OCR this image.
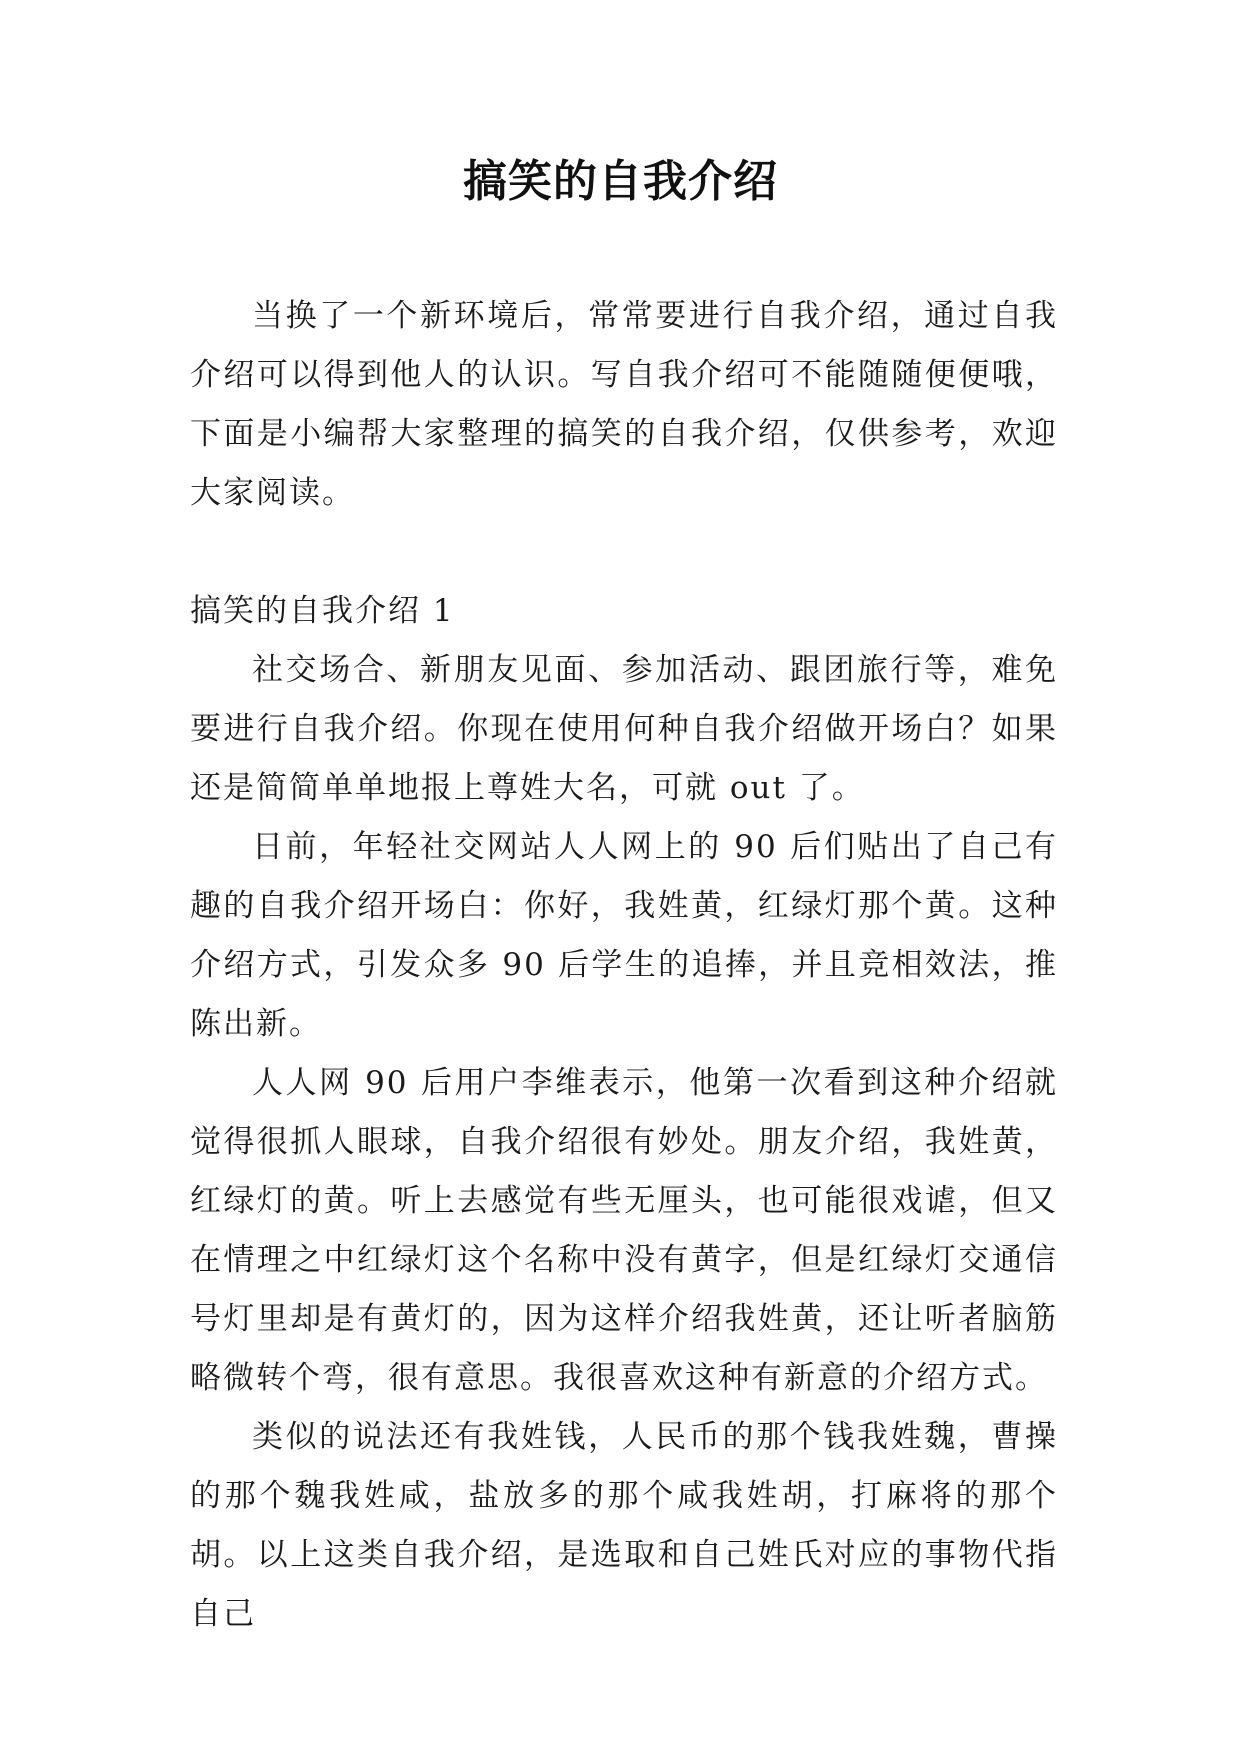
搞笑的自我介绍

当换了一个新环境后，常常要进行自我介绍，通过自我介绍可以得到他人的认识。写自我介绍可不能随随便便哦，下面是小编帮大家整理的搞笑的自我介绍，仅供参考，欢迎大家阅读。

搞笑的自我介绍 1

社交场合、新朋友见面、参加活动、跟团旅行等，难免要进行自我介绍。你现在使用何种自我介绍做开场白？如果还是简简单单地报上尊姓大名，可就 out 了。

日前，年轻社交网站人人网上的 90 后们贴出了自己有趣的自我介绍开场白：你好，我姓黄，红绿灯那个黄。这种介绍方式，引发众多 90 后学生的追捧，并且竞相效法，推陈出新。

人人网 90 后用户李维表示，他第一次看到这种介绍就觉得很抓人眼球，自我介绍很有妙处。朋友介绍，我姓黄，红绿灯的黄。听上去感觉有些无厘头，也可能很戏谑，但又在情理之中红绿灯这个名称中没有黄字，但是红绿灯交通信号灯里却是有黄灯的，因为这样介绍我姓黄，还让听者脑筋略微转个弯，很有意思。我很喜欢这种有新意的介绍方式。

类似的说法还有我姓钱，人民币的那个钱我姓魏，曹操的那个魏我姓咸，盐放多的那个咸我姓胡，打麻将的那个胡。以上这类自我介绍，是选取和自己姓氏对应的事物代指自己
